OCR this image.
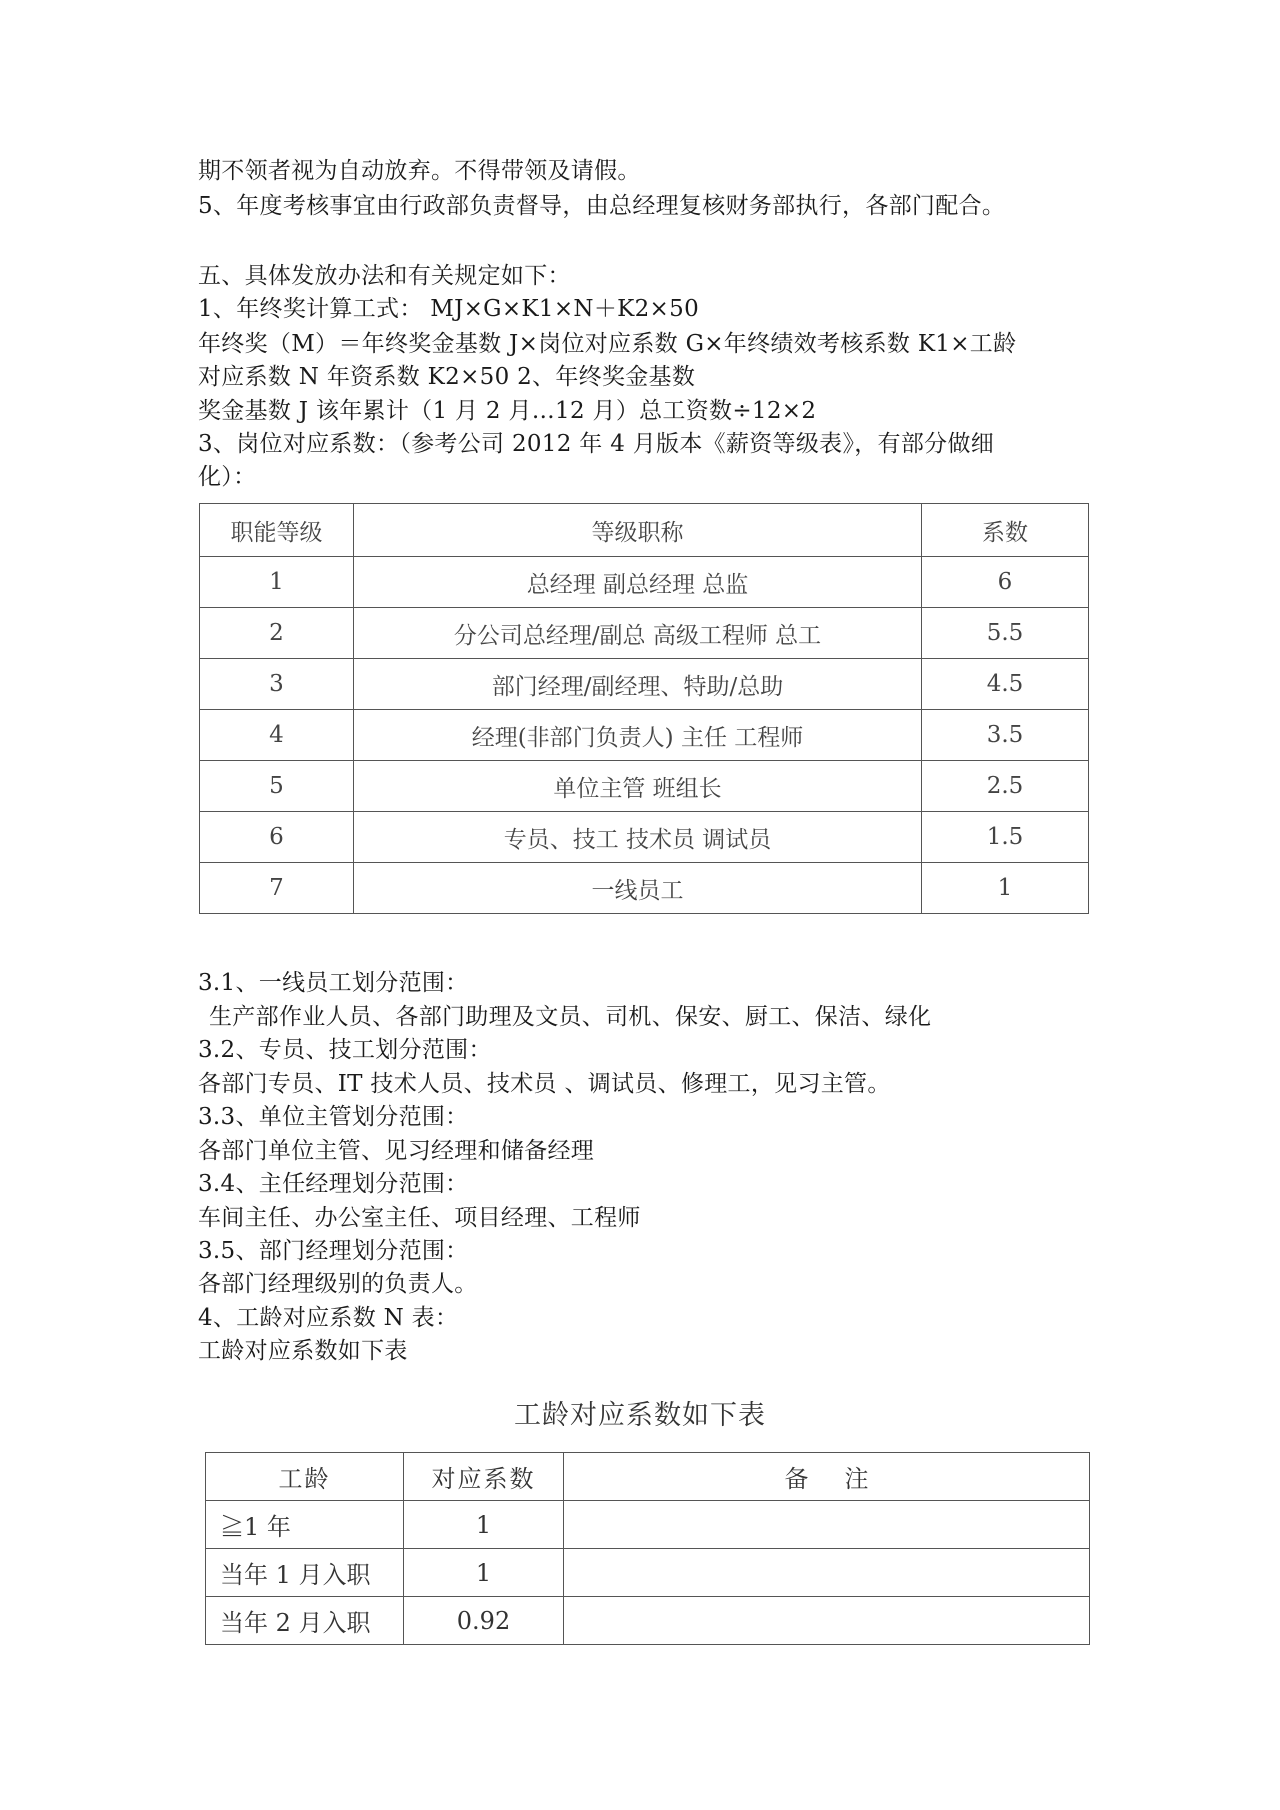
期不领者视为自动放弃。不得带领及请假。
5、年度考核事宜由行政部负责督导，由总经理复核财务部执行，各部门配合。
五、具体发放办法和有关规定如下：
1、年终奖计算工式： MJ×G×K1×N＋K2×50
年终奖（M）＝年终奖金基数 J×岗位对应系数 G×年终绩效考核系数 K1×工龄
对应系数 N 年资系数 K2×50 2、年终奖金基数
奖金基数 J 该年累计（1 月 2 月…12 月）总工资数÷12×2
3、岗位对应系数：（参考公司 2012 年 4 月版本《薪资等级表》，有部分做细
化）：
职能等级	等级职称	系数
1	总经理 副总经理 总监	6
2	分公司总经理/副总 高级工程师 总工	5.5
3	部门经理/副经理、特助/总助	4.5
4	经理(非部门负责人) 主任 工程师	3.5
5	单位主管 班组长	2.5
6	专员、技工 技术员 调试员	1.5
7	一线员工	1
3.1、一线员工划分范围：
生产部作业人员、各部门助理及文员、司机、保安、厨工、保洁、绿化
3.2、专员、技工划分范围：
各部门专员、IT 技术人员、技术员 、调试员、修理工，见习主管。
3.3、单位主管划分范围：
各部门单位主管、见习经理和储备经理
3.4、主任经理划分范围：
车间主任、办公室主任、项目经理、工程师
3.5、部门经理划分范围：
各部门经理级别的负责人。
4、工龄对应系数 N 表：
工龄对应系数如下表
工龄对应系数如下表
工龄	对应系数	备注
≧1 年	1	
当年 1 月入职	1	
当年 2 月入职	0.92	
